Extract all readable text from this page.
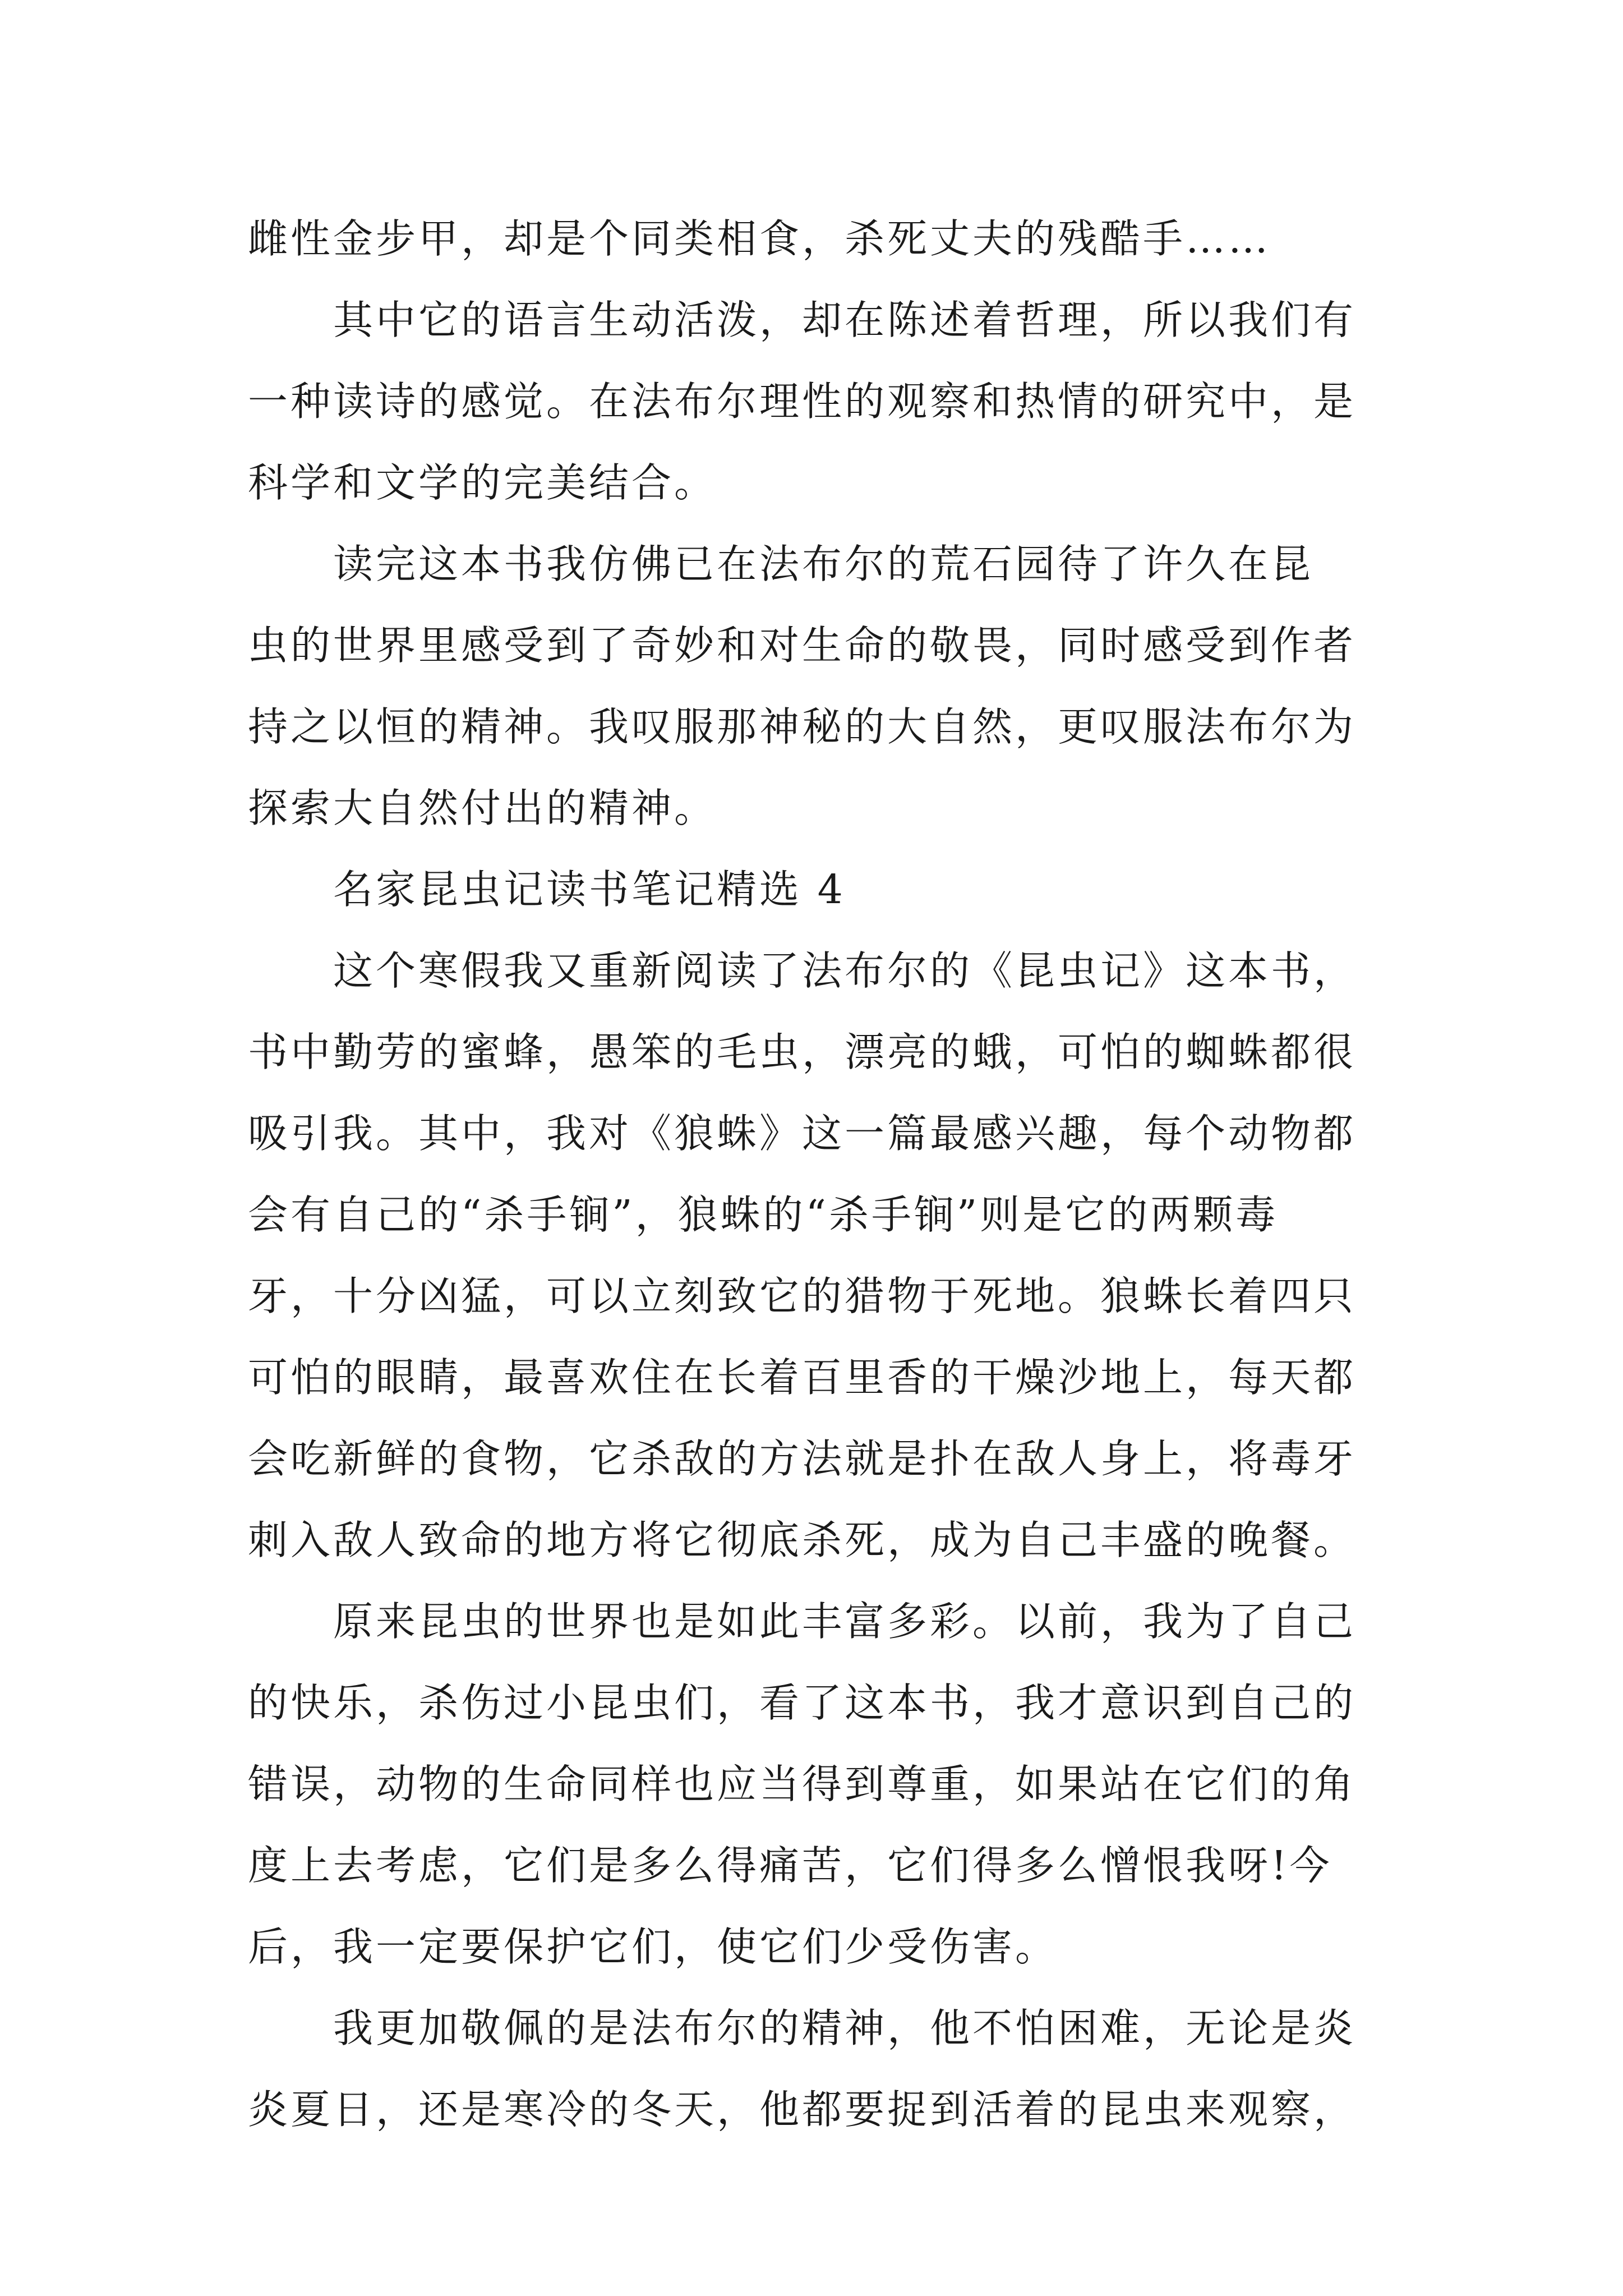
雌性金步甲，却是个同类相食，杀死丈夫的残酷手……
其中它的语言生动活泼，却在陈述着哲理，所以我们有
一种读诗的感觉。在法布尔理性的观察和热情的研究中，是
科学和文学的完美结合。
读完这本书我仿佛已在法布尔的荒石园待了许久在昆
虫的世界里感受到了奇妙和对生命的敬畏，同时感受到作者
持之以恒的精神。我叹服那神秘的大自然，更叹服法布尔为
探索大自然付出的精神。
名家昆虫记读书笔记精选 4
这个寒假我又重新阅读了法布尔的《昆虫记》这本书，
书中勤劳的蜜蜂，愚笨的毛虫，漂亮的蛾，可怕的蜘蛛都很
吸引我。其中，我对《狼蛛》这一篇最感兴趣，每个动物都
会有自己的“杀手锏”，狼蛛的“杀手锏”则是它的两颗毒
牙，十分凶猛，可以立刻致它的猎物于死地。狼蛛长着四只
可怕的眼睛，最喜欢住在长着百里香的干燥沙地上，每天都
会吃新鲜的食物，它杀敌的方法就是扑在敌人身上，将毒牙
刺入敌人致命的地方将它彻底杀死，成为自己丰盛的晚餐。
原来昆虫的世界也是如此丰富多彩。以前，我为了自己
的快乐，杀伤过小昆虫们，看了这本书，我才意识到自己的
错误，动物的生命同样也应当得到尊重，如果站在它们的角
度上去考虑，它们是多么得痛苦，它们得多么憎恨我呀!今
后，我一定要保护它们，使它们少受伤害。
我更加敬佩的是法布尔的精神，他不怕困难，无论是炎
炎夏日，还是寒冷的冬天，他都要捉到活着的昆虫来观察，
